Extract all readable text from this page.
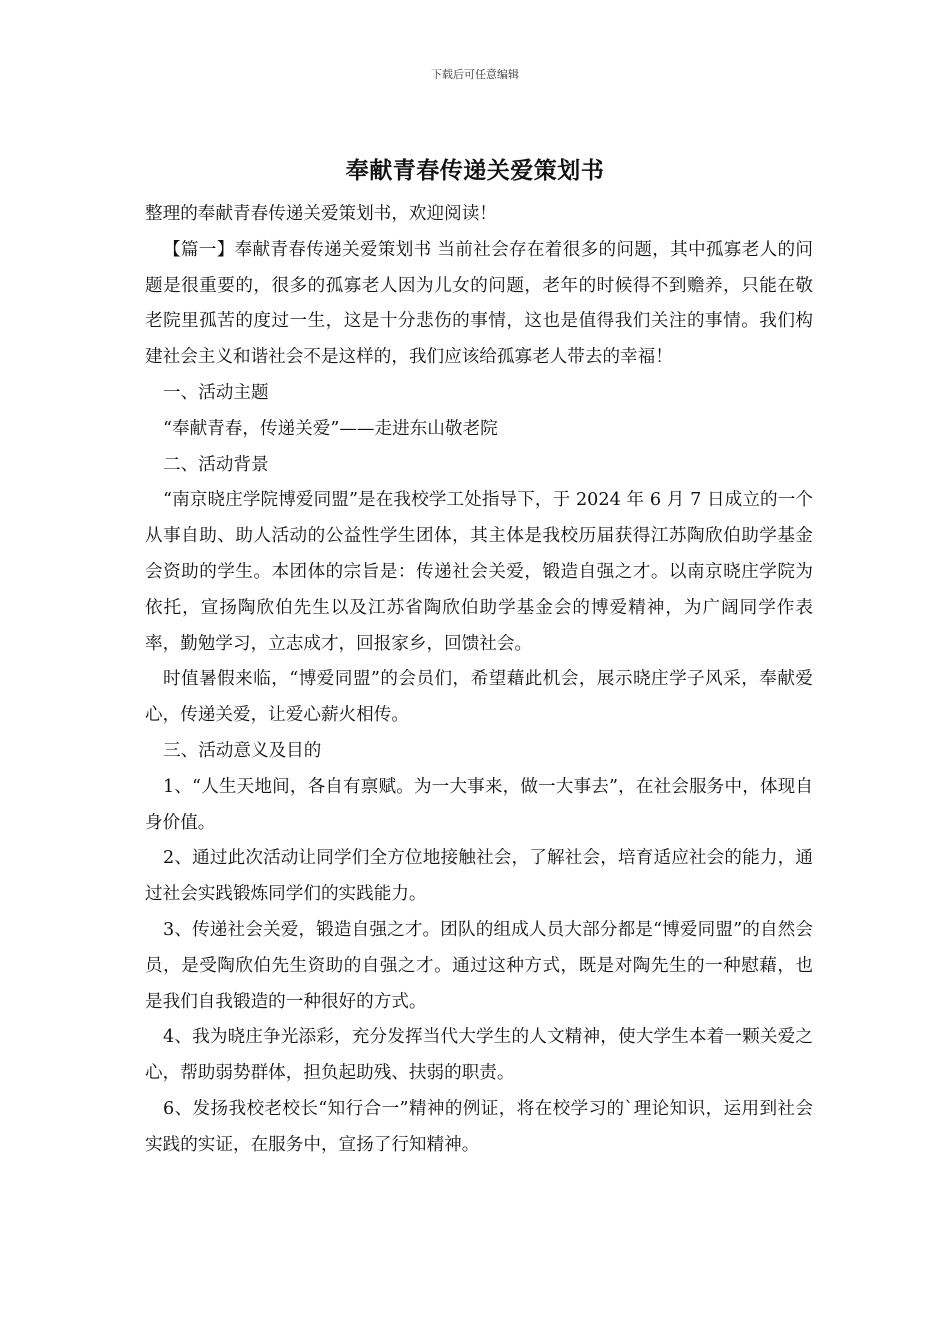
下载后可任意编辑
奉献青春传递关爱策划书

整理的奉献青春传递关爱策划书，欢迎阅读！

【篇一】奉献青春传递关爱策划书 当前社会存在着很多的问题，其中孤寡老人的问题是很重要的，很多的孤寡老人因为儿女的问题，老年的时候得不到赡养，只能在敬老院里孤苦的度过一生，这是十分悲伤的事情，这也是值得我们关注的事情。我们构建社会主义和谐社会不是这样的，我们应该给孤寡老人带去的幸福！

一、活动主题

“奉献青春，传递关爱”——走进东山敬老院

二、活动背景

“南京晓庄学院博爱同盟”是在我校学工处指导下，于 2024 年 6 月 7 日成立的一个从事自助、助人活动的公益性学生团体，其主体是我校历届获得江苏陶欣伯助学基金会资助的学生。本团体的宗旨是：传递社会关爱，锻造自强之才。以南京晓庄学院为依托，宣扬陶欣伯先生以及江苏省陶欣伯助学基金会的博爱精神，为广阔同学作表率，勤勉学习，立志成才，回报家乡，回馈社会。

时值暑假来临，“博爱同盟”的会员们，希望藉此机会，展示晓庄学子风采，奉献爱心，传递关爱，让爱心薪火相传。

三、活动意义及目的

1、“人生天地间，各自有禀赋。为一大事来，做一大事去”，在社会服务中，体现自身价值。

2、通过此次活动让同学们全方位地接触社会，了解社会，培育适应社会的能力，通过社会实践锻炼同学们的实践能力。

3、传递社会关爱，锻造自强之才。团队的组成人员大部分都是“博爱同盟”的自然会员，是受陶欣伯先生资助的自强之才。通过这种方式，既是对陶先生的一种慰藉，也是我们自我锻造的一种很好的方式。

4、我为晓庄争光添彩，充分发挥当代大学生的人文精神，使大学生本着一颗关爱之心，帮助弱势群体，担负起助残、扶弱的职责。

6、发扬我校老校长“知行合一”精神的例证，将在校学习的`理论知识，运用到社会实践的实证，在服务中，宣扬了行知精神。
